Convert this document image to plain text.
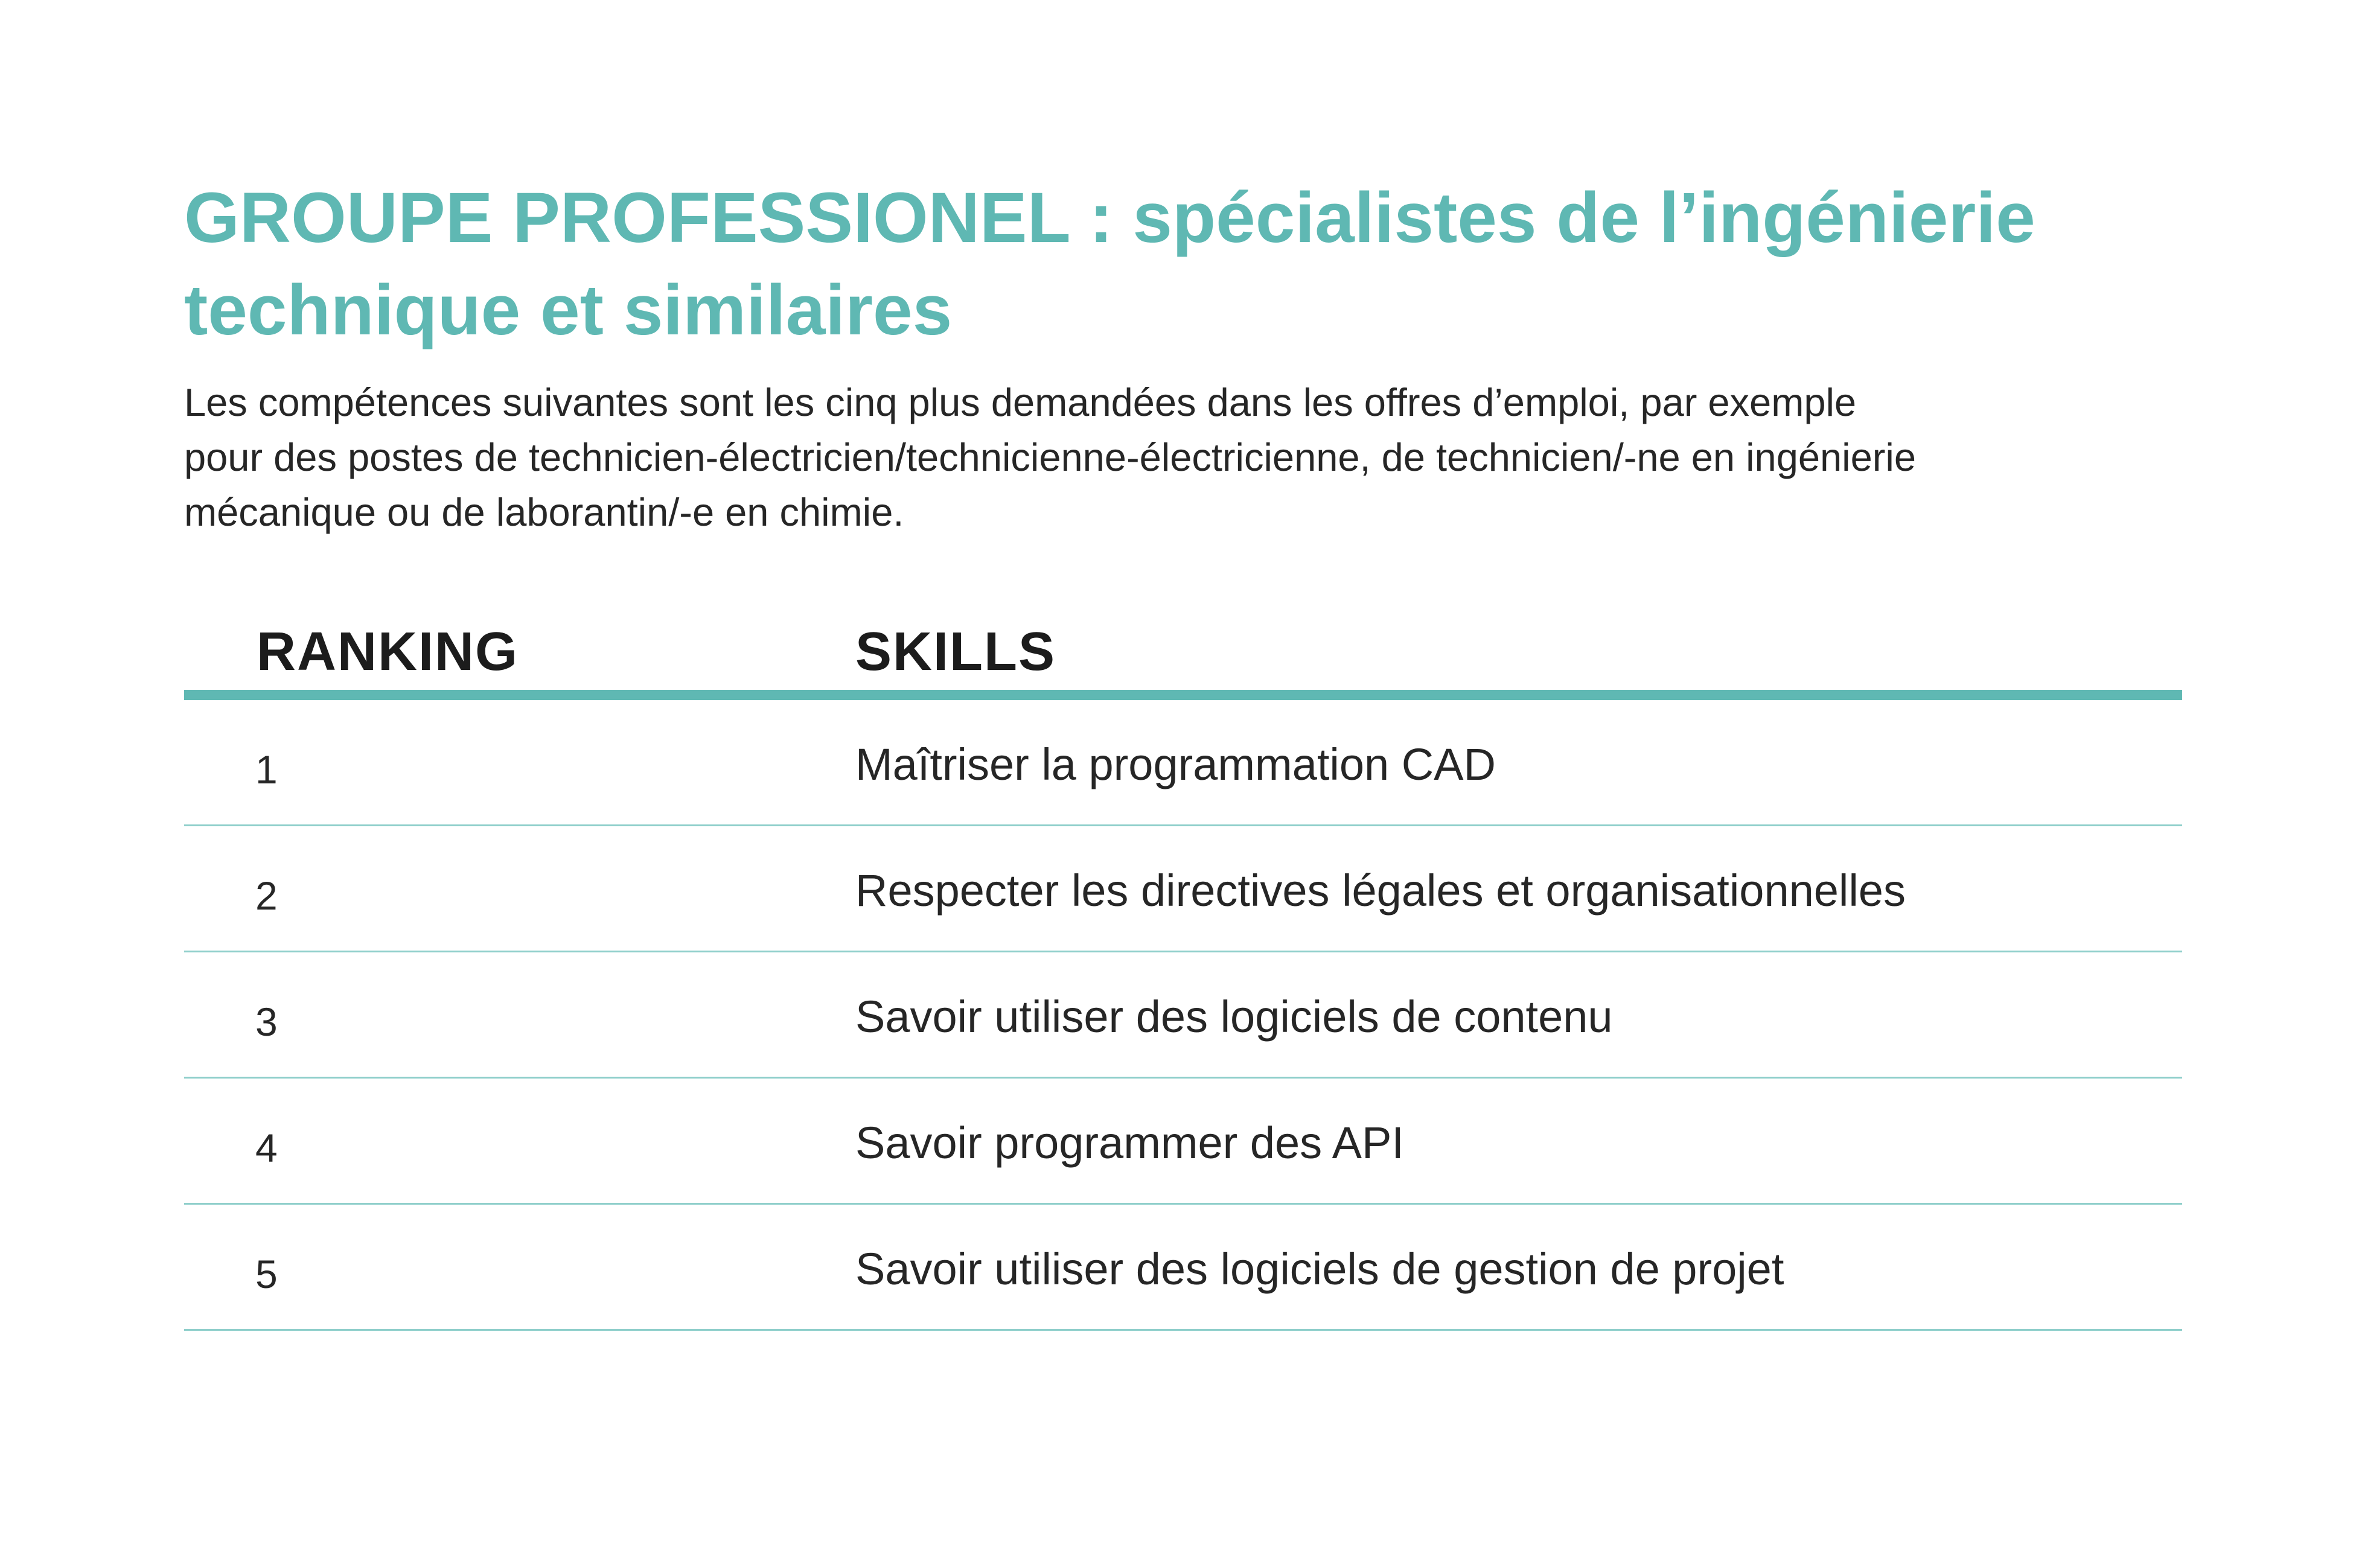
GROUPE PROFESSIONEL : spécialistes de l’ingénierie
technique et similaires

Les compétences suivantes sont les cinq plus demandées dans les offres d’emploi, par exemple
pour des postes de technicien-électricien/technicienne-électricienne, de technicien/-ne en ingénierie
mécanique ou de laborantin/-e en chimie.

RANKING	SKILLS
1	Maîtriser la programmation CAD
2	Respecter les directives légales et organisationnelles
3	Savoir utiliser des logiciels de contenu
4	Savoir programmer des API
5	Savoir utiliser des logiciels de gestion de projet
